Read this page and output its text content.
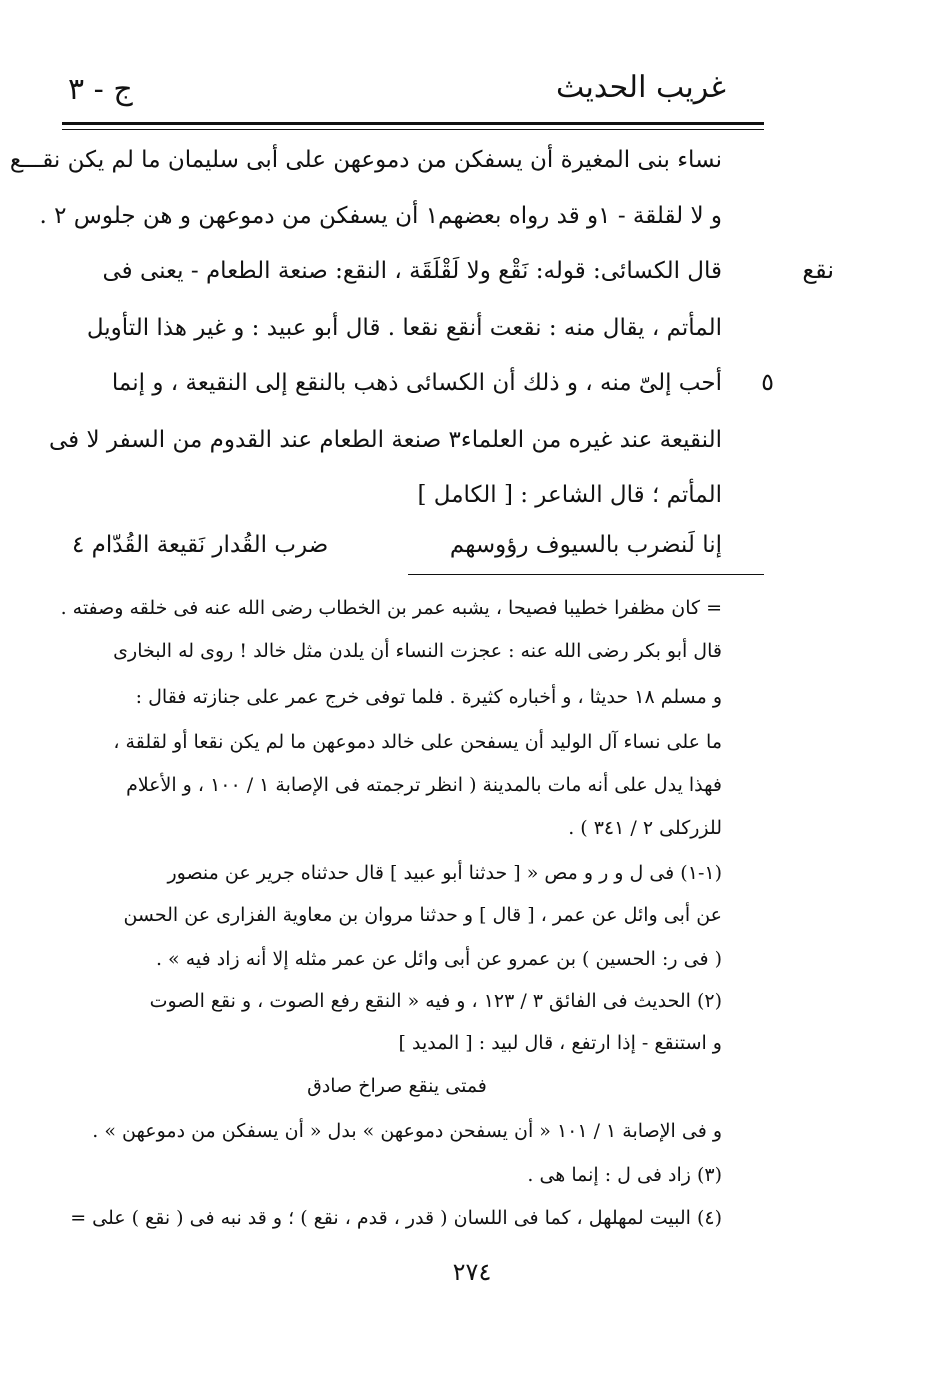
غريب الحديث
ج - ٣
نقع
٥
نساء بنى المغيرة أن يسفكن من دموعهن على أبى سليمان ما لم يكن نقـــع
و لا لقلقة - ١و قد رواه بعضهم١ أن يسفكن من دموعهن و هن جلوس ٢ .
قال الكسائى: قوله: نَقْع ولا لَقْلَقَة ، النقع: صنعة الطعام - يعنى فى
المأتم ، يقال منه : نقعت أنقع نقعا . قال أبو عبيد : و غير هذا التأويل
أحب إلىّ منه ، و ذلك أن الكسائى ذهب بالنقع إلى النقيعة ، و إنما
النقيعة عند غيره من العلماء٣ صنعة الطعام عند القدوم من السفر لا فى
المأتم ؛ قال الشاعر : [ الكامل ]
إنا لَنضرب بالسيوف رؤوسهم
ضرب القُدار نَقيعة القُدّام ٤
= كان مظفرا خطيبا فصيحا ، يشبه عمر بن الخطاب رضى الله عنه فى خلقه وصفته .
قال أبو بكر رضى الله عنه : عجزت النساء أن يلدن مثل خالد ! روى له البخارى
و مسلم ١٨ حديثا ، و أخباره كثيرة . فلما توفى خرج عمر على جنازته فقال :
ما على نساء آل الوليد أن يسفحن على خالد دموعهن ما لم يكن نقعا أو لقلقة ،
فهذا يدل على أنه مات بالمدينة ( انظر ترجمته فى الإصابة ١ / ١٠٠ ، و الأعلام
للزركلى ٢ / ٣٤١ ) .
(١-١) فى ل و ر و مص « [ حدثنا أبو عبيد ] قال حدثناه جرير عن منصور
عن أبى وائل عن عمر ، [ قال ] و حدثنا مروان بن معاوية الفزارى عن الحسن
( فى ر: الحسين ) بن عمرو عن أبى وائل عن عمر مثله إلا أنه زاد فيه » .
(٢) الحديث فى الفائق ٣ / ١٢٣ ، و فيه « النقع رفع الصوت ، و نقع الصوت
و استنقع - إذا ارتفع ، قال لبيد : [ المديد ]
فمتى ينقع صراخ صادق
و فى الإصابة ١ / ١٠١ « أن يسفحن دموعهن » بدل « أن يسفكن من دموعهن » .
(٣) زاد فى ل : إنما هى .
(٤) البيت لمهلهل ، كما فى اللسان ( قدر ، قدم ، نقع ) ؛ و قد نبه فى ( نقع ) على =
٢٧٤
